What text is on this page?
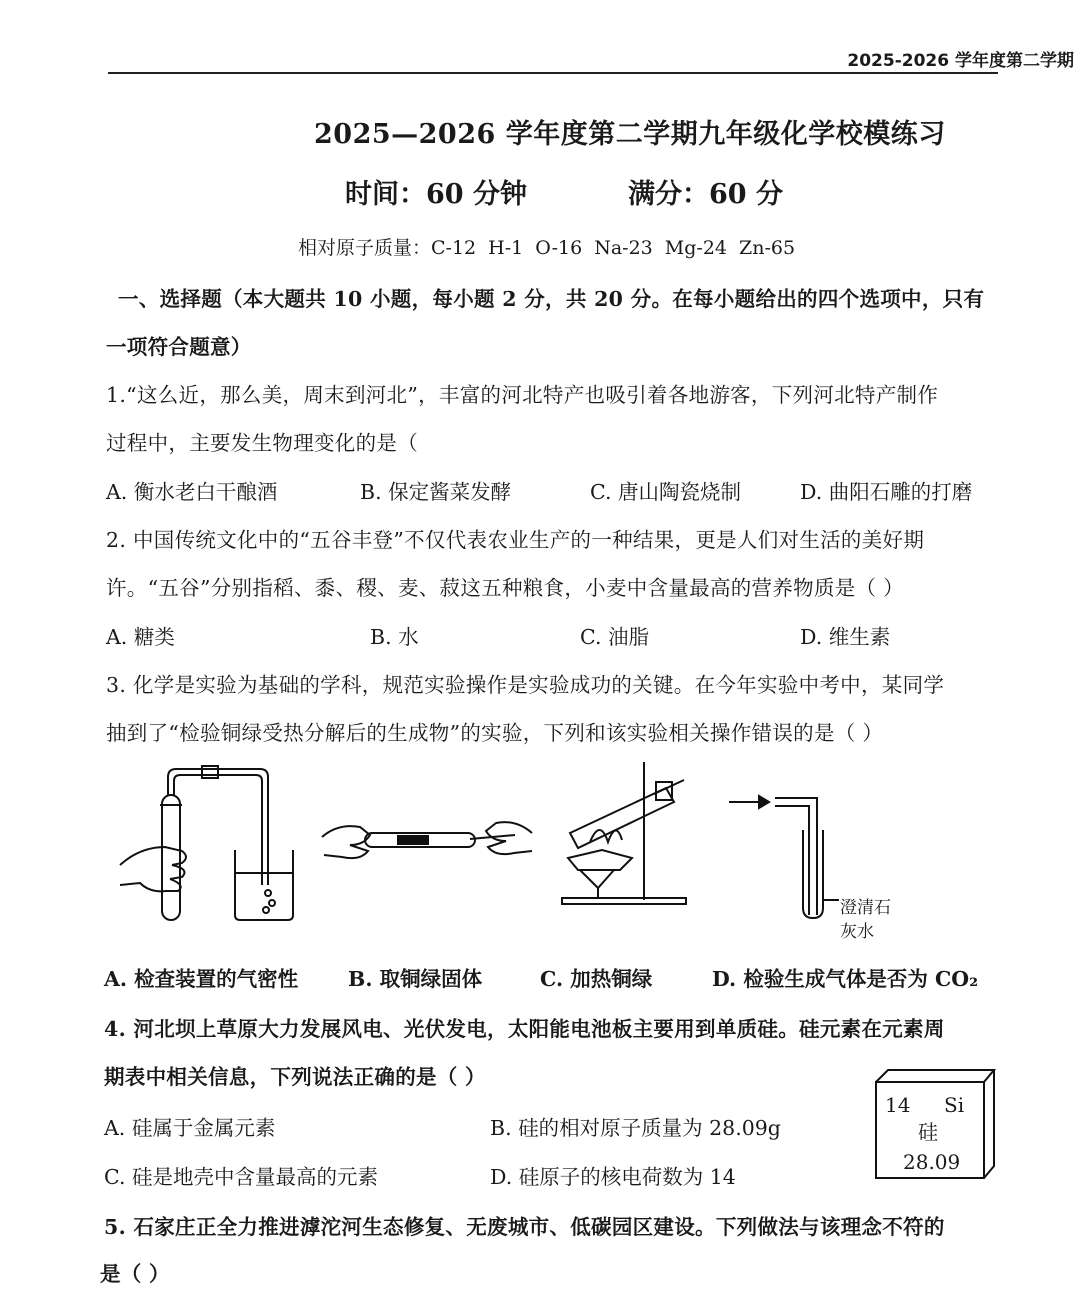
2025-2026 学年度第二学期
2025—2026 学年度第二学期九年级化学校模练习
时间：60 分钟	满分：60 分
相对原子质量：C-12 H-1 O-16 Na-23 Mg-24 Zn-65
一、选择题（本大题共 10 小题，每小题 2 分，共 20 分。在每小题给出的四个选项中，只有
一项符合题意）
1.“这么近，那么美，周末到河北”，丰富的河北特产也吸引着各地游客，下列河北特产制作
过程中，主要发生物理变化的是（
A. 衡水老白干酿酒	B. 保定酱菜发酵	C. 唐山陶瓷烧制	D. 曲阳石雕的打磨
2. 中国传统文化中的“五谷丰登”不仅代表农业生产的一种结果，更是人们对生活的美好期
许。“五谷”分别指稻、黍、稷、麦、菽这五种粮食，小麦中含量最高的营养物质是（ ）
A. 糖类	B. 水	C. 油脂	D. 维生素
3. 化学是实验为基础的学科，规范实验操作是实验成功的关键。在今年实验中考中，某同学
抽到了“检验铜绿受热分解后的生成物”的实验，下列和该实验相关操作错误的是（ ）
澄清石
灰水
A. 检查装置的气密性 B. 取铜绿固体	C. 加热铜绿	D. 检验生成气体是否为 CO₂
4. 河北坝上草原大力发展风电、光伏发电，太阳能电池板主要用到单质硅。硅元素在元素周
期表中相关信息，下列说法正确的是（ ）
14 Si
硅
28.09
A. 硅属于金属元素	B. 硅的相对原子质量为 28.09g
C. 硅是地壳中含量最高的元素	D. 硅原子的核电荷数为 14
5. 石家庄正全力推进滹沱河生态修复、无废城市、低碳园区建设。下列做法与该理念不符的
是（ ）
